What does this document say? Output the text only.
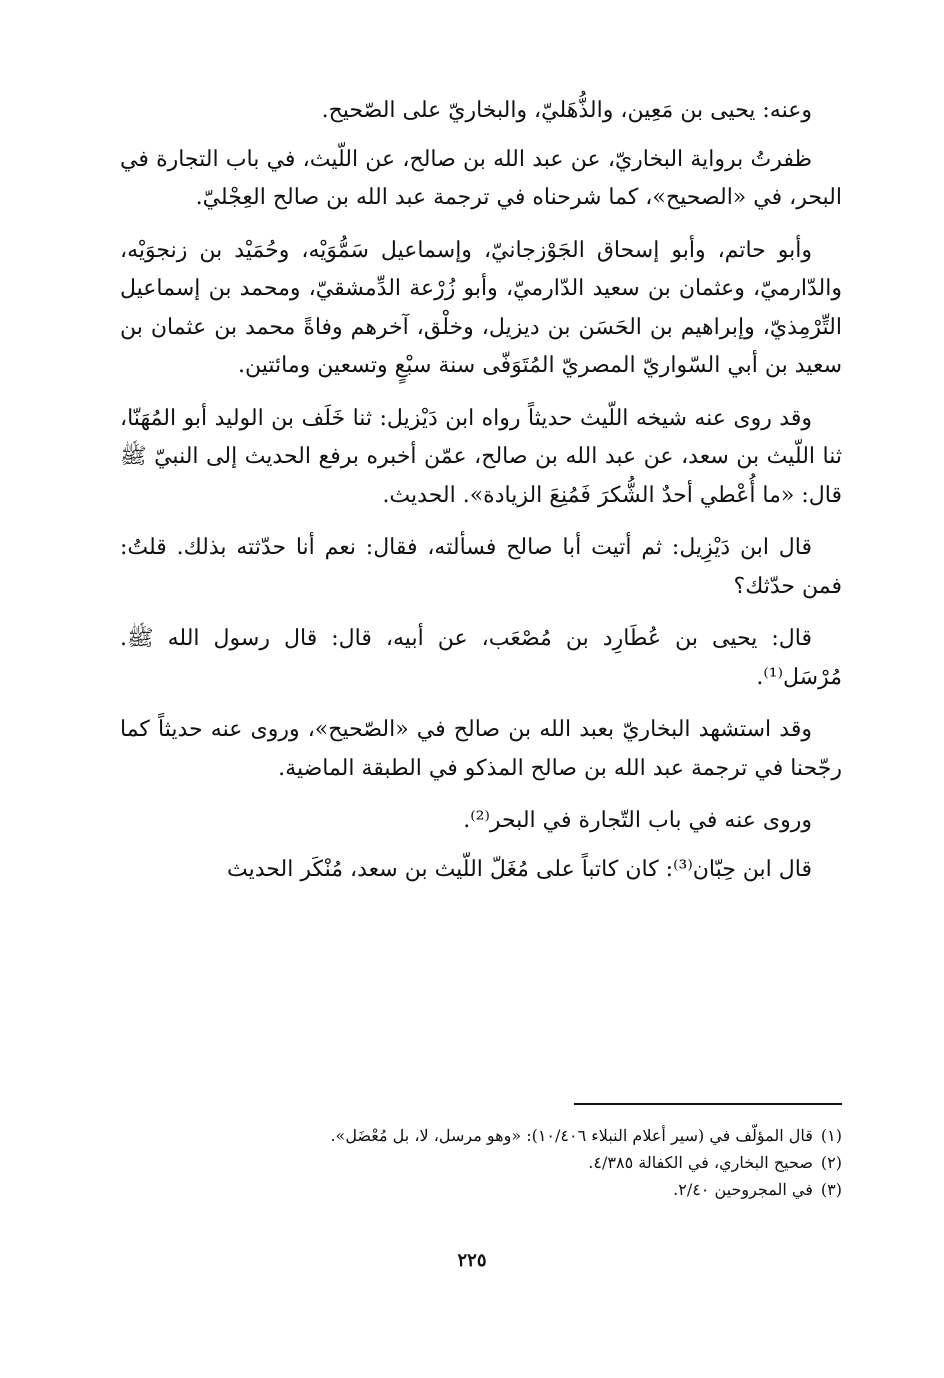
وعنه: يحيى بن مَعِين، والذُّهَليّ، والبخاريّ على الصّحيح.

ظفرتُ برواية البخاريّ، عن عبد الله بن صالح، عن اللّيث، في باب التجارة في البحر، في «الصحيح»، كما شرحناه في ترجمة عبد الله بن صالح العِجْليّ.

وأبو حاتم، وأبو إسحاق الجَوْزجانيّ، وإسماعيل سَمُّوَيْه، وحُمَيْد بن زنجوَيْه، والدّارميّ، وعثمان بن سعيد الدّارميّ، وأبو زُرْعة الدِّمشقيّ، ومحمد بن إسماعيل التِّرْمِذيّ، وإبراهيم بن الحَسَن بن ديزيل، وخلْق، آخرهم وفاةً محمد بن عثمان بن سعيد بن أبي السّواريّ المصريّ المُتَوَفّى سنة سبْعٍ وتسعين ومائتين.

وقد روى عنه شيخه اللّيث حديثاً رواه ابن دَيْزيل: ثنا خَلَف بن الوليد أبو المُهَنّا، ثنا اللّيث بن سعد، عن عبد الله بن صالح، عمّن أخبره برفع الحديث إلى النبيّ ﷺ قال: «ما أُعْطي أحدٌ الشُّكرَ فَمُنِعَ الزيادة». الحديث.

قال ابن دَيْزِيل: ثم أتيت أبا صالح فسألته، فقال: نعم أنا حدّثته بذلك. قلتُ: فمن حدّثك؟

قال: يحيى بن عُطَارِد بن مُصْعَب، عن أبيه، قال: قال رسول الله ﷺ. مُرْسَل⁽¹⁾.

وقد استشهد البخاريّ بعبد الله بن صالح في «الصّحيح»، وروى عنه حديثاً كما رجّحنا في ترجمة عبد الله بن صالح المذكو في الطبقة الماضية.

وروى عنه في باب التّجارة في البحر⁽²⁾.

قال ابن حِبّان⁽³⁾: كان كاتباً على مُغَلّ اللّيث بن سعد، مُنْكَر الحديث

(١)قال المؤلّف في (سير أعلام النبلاء ١٠/٤٠٦): «وهو مرسل، لا، بل مُعْضَل».

(٢)صحيح البخاري، في الكفالة ٤/٣٨٥.

(٣)في المجروحين ٢/٤٠.

٢٢٥
